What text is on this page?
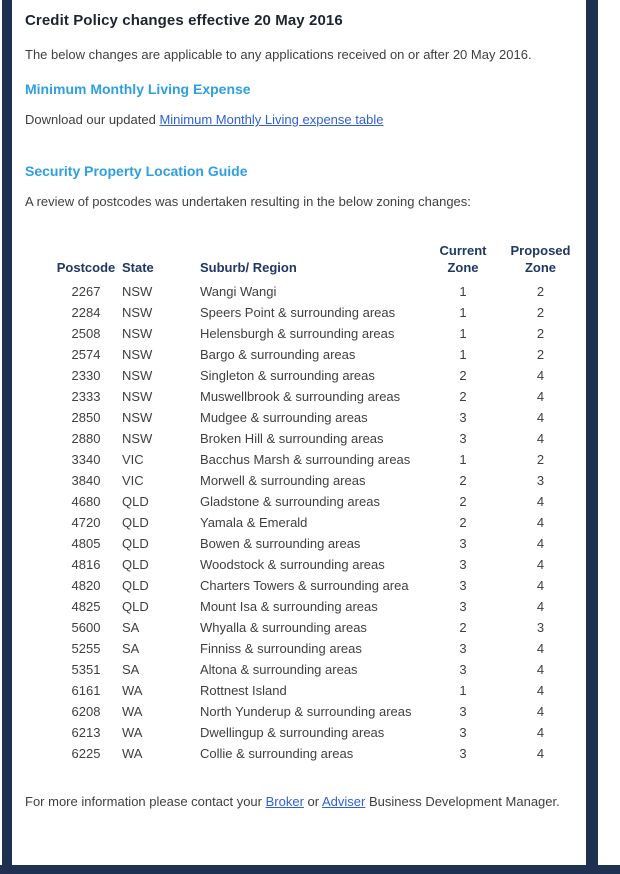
Credit Policy changes effective 20 May 2016

The below changes are applicable to any applications received on or after 20 May 2016.

Minimum Monthly Living Expense

Download our updated Minimum Monthly Living expense table

Security Property Location Guide

A review of postcodes was undertaken resulting in the below zoning changes:

Postcode	State	Suburb/ Region	Current Zone	Proposed Zone
2267	NSW	Wangi Wangi	1	2
2284	NSW	Speers Point & surrounding areas	1	2
2508	NSW	Helensburgh & surrounding areas	1	2
2574	NSW	Bargo & surrounding areas	1	2
2330	NSW	Singleton & surrounding areas	2	4
2333	NSW	Muswellbrook & surrounding areas	2	4
2850	NSW	Mudgee & surrounding areas	3	4
2880	NSW	Broken Hill & surrounding areas	3	4
3340	VIC	Bacchus Marsh & surrounding areas	1	2
3840	VIC	Morwell & surrounding areas	2	3
4680	QLD	Gladstone & surrounding areas	2	4
4720	QLD	Yamala & Emerald	2	4
4805	QLD	Bowen & surrounding areas	3	4
4816	QLD	Woodstock & surrounding areas	3	4
4820	QLD	Charters Towers & surrounding area	3	4
4825	QLD	Mount Isa & surrounding areas	3	4
5600	SA	Whyalla & surrounding areas	2	3
5255	SA	Finniss & surrounding areas	3	4
5351	SA	Altona & surrounding areas	3	4
6161	WA	Rottnest Island	1	4
6208	WA	North Yunderup & surrounding areas	3	4
6213	WA	Dwellingup & surrounding areas	3	4
6225	WA	Collie & surrounding areas	3	4

For more information please contact your Broker or Adviser Business Development Manager.
